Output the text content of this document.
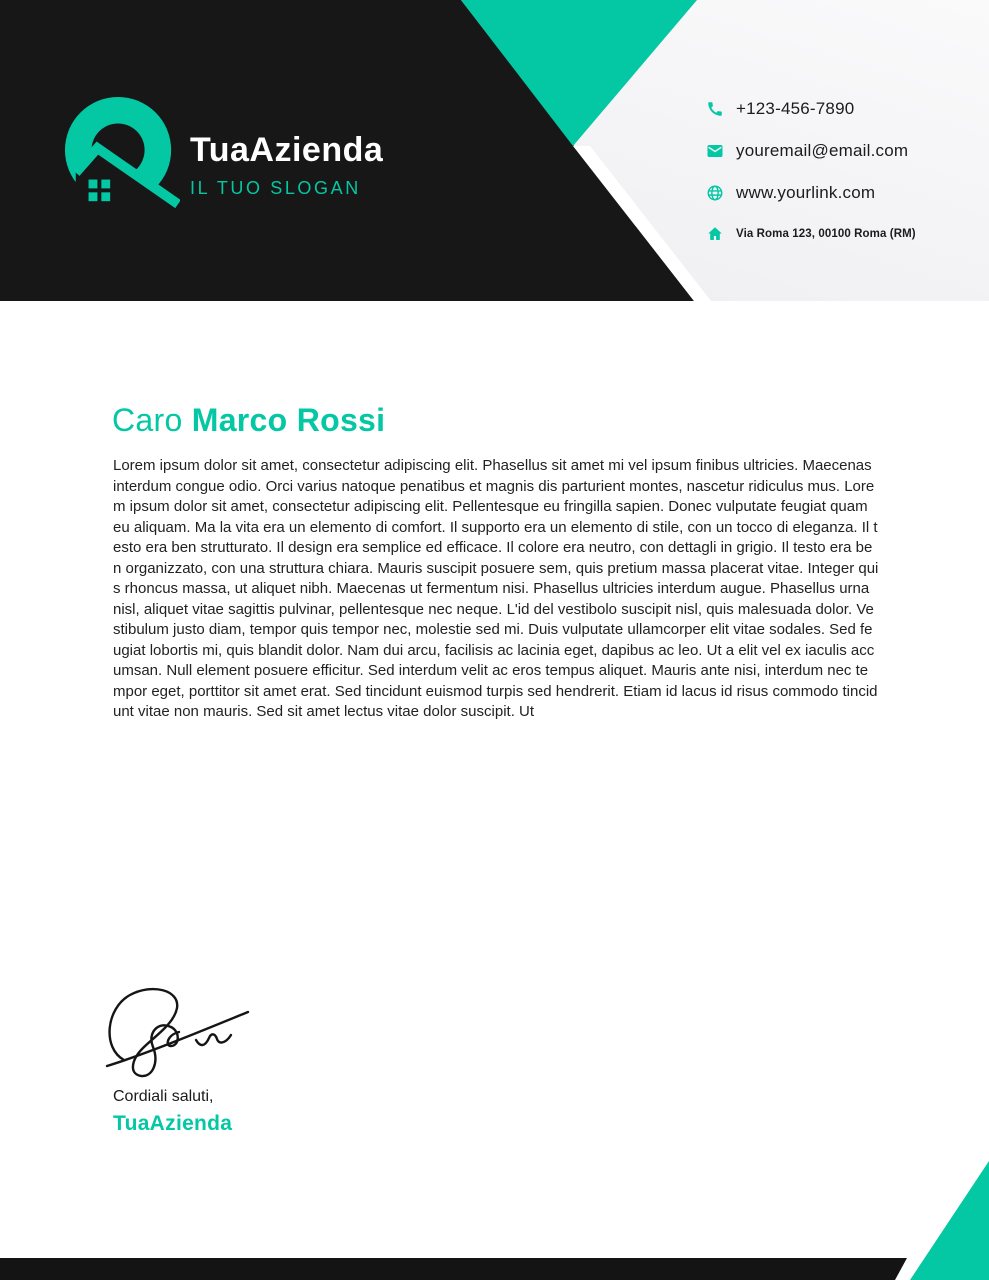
TuaAzienda
IL TUO SLOGAN
+123-456-7890
youremail@email.com
www.yourlink.com
Via Roma 123, 00100 Roma (RM)
Caro Marco Rossi
Lorem ipsum dolor sit amet, consectetur adipiscing elit. Phasellus sit amet mi vel ipsum finibus ultricies. Maecenas interdum congue odio. Orci varius natoque penatibus et magnis dis parturient montes, nascetur ridiculus mus. Lorem ipsum dolor sit amet, consectetur adipiscing elit. Pellentesque eu fringilla sapien. Donec vulputate feugiat quam eu aliquam. Ma la vita era un elemento di comfort. Il supporto era un elemento di stile, con un tocco di eleganza. Il testo era ben strutturato. Il design era semplice ed efficace. Il colore era neutro, con dettagli in grigio. Il testo era ben organizzato, con una struttura chiara. Mauris suscipit posuere sem, quis pretium massa placerat vitae. Integer quis rhoncus massa, ut aliquet nibh. Maecenas ut fermentum nisi. Phasellus ultricies interdum augue. Phasellus urna nisl, aliquet vitae sagittis pulvinar, pellentesque nec neque. L'id del vestibolo suscipit nisl, quis malesuada dolor. Vestibulum justo diam, tempor quis tempor nec, molestie sed mi. Duis vulputate ullamcorper elit vitae sodales. Sed feugiat lobortis mi, quis blandit dolor. Nam dui arcu, facilisis ac lacinia eget, dapibus ac leo. Ut a elit vel ex iaculis accumsan. Null element posuere efficitur. Sed interdum velit ac eros tempus aliquet. Mauris ante nisi, interdum nec tempor eget, porttitor sit amet erat. Sed tincidunt euismod turpis sed hendrerit. Etiam id lacus id risus commodo tincidunt vitae non mauris. Sed sit amet lectus vitae dolor suscipit. Ut
Cordiali saluti,
TuaAzienda
